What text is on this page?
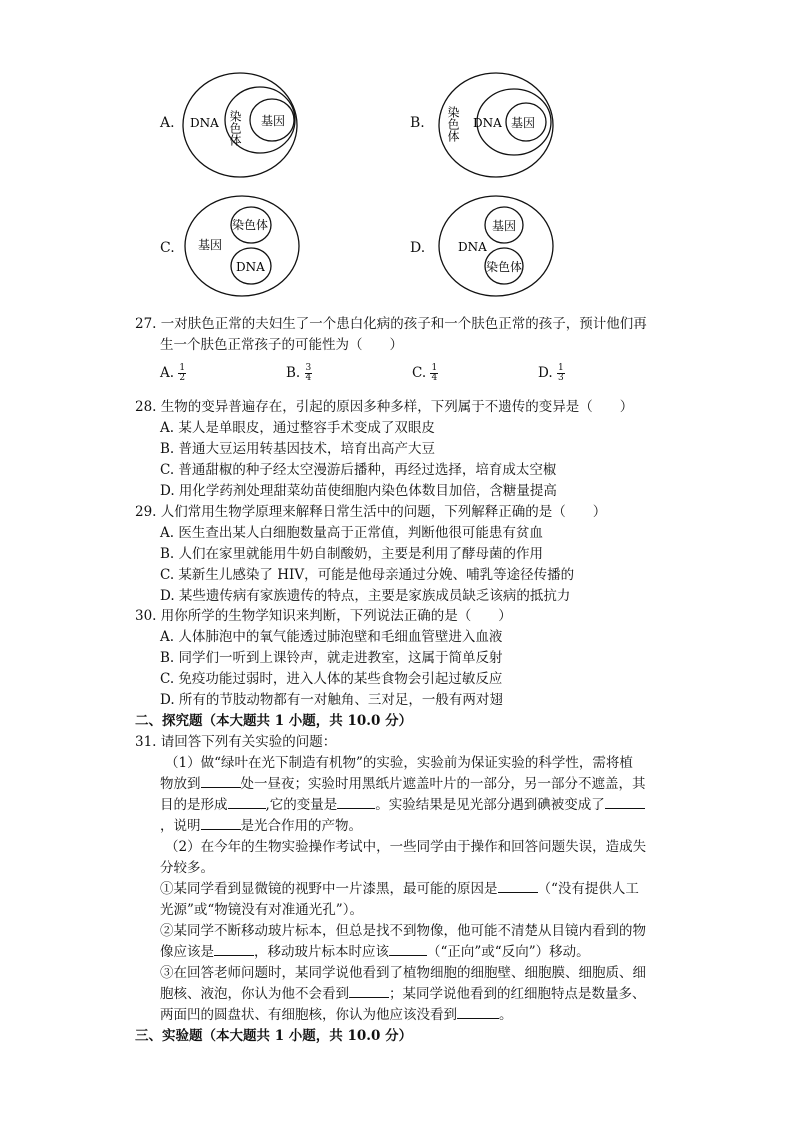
A. DNA 染色体 基因	B. 染色体 DNA 基因
C. 基因
染色体
DNA
D.	DNA
基因
染色体
27. 一对肤色正常的夫妇生了一个患白化病的孩子和一个肤色正常的孩子，预计他们再
生一个肤色正常孩子的可能性为（　　）
A. $\frac{1}{2}$	B. $\frac{3}{4}$	C. $\frac{1}{4}$	D. $\frac{1}{3}$
28. 生物的变异普遍存在，引起的原因多种多样，下列属于不遗传的变异是（　　）
A. 某人是单眼皮，通过整容手术变成了双眼皮
B. 普通大豆运用转基因技术，培育出高产大豆
C. 普通甜椒的种子经太空漫游后播种，再经过选择，培育成太空椒
D. 用化学药剂处理甜菜幼苗使细胞内染色体数目加倍，含糖量提高
29. 人们常用生物学原理来解释日常生活中的问题，下列解释正确的是（　　）
A. 医生查出某人白细胞数量高于正常值，判断他很可能患有贫血
B. 人们在家里就能用牛奶自制酸奶，主要是利用了酵母菌的作用
C. 某新生儿感染了 HIV，可能是他母亲通过分娩、哺乳等途径传播的
D. 某些遗传病有家族遗传的特点，主要是家族成员缺乏该病的抵抗力
30. 用你所学的生物学知识来判断，下列说法正确的是（　　）
A. 人体肺泡中的氧气能透过肺泡壁和毛细血管壁进入血液
B. 同学们一听到上课铃声，就走进教室，这属于简单反射
C. 免疫功能过弱时，进入人体的某些食物会引起过敏反应
D. 所有的节肢动物都有一对触角、三对足，一般有两对翅
二、探究题（本大题共 1 小题，共 10.0 分）
31. 请回答下列有关实验的问题：
（1）做“绿叶在光下制造有机物”的实验，实验前为保证实验的科学性，需将植
物放到	处一昼夜；实验时用黑纸片遮盖叶片的一部分，另一部分不遮盖，其
目的是形成	,它的变量是	。实验结果是见光部分遇到碘被变成了
，说明	是光合作用的产物。
（2）在今年的生物实验操作考试中，一些同学由于操作和回答问题失误，造成失
分较多。
①某同学看到显微镜的视野中一片漆黑，最可能的原因是	（“没有提供人工
光源”或“物镜没有对准通光孔”）。
②某同学不断移动玻片标本，但总是找不到物像，他可能不清楚从目镜内看到的物
像应该是	，移动玻片标本时应该	（“正向”或“反向”）移动。
③在回答老师问题时，某同学说他看到了植物细胞的细胞壁、细胞膜、细胞质、细
胞核、液泡，你认为他不会看到	；某同学说他看到的红细胞特点是数量多、
两面凹的圆盘状、有细胞核，你认为他应该没看到	。
三、实验题（本大题共 1 小题，共 10.0 分）
